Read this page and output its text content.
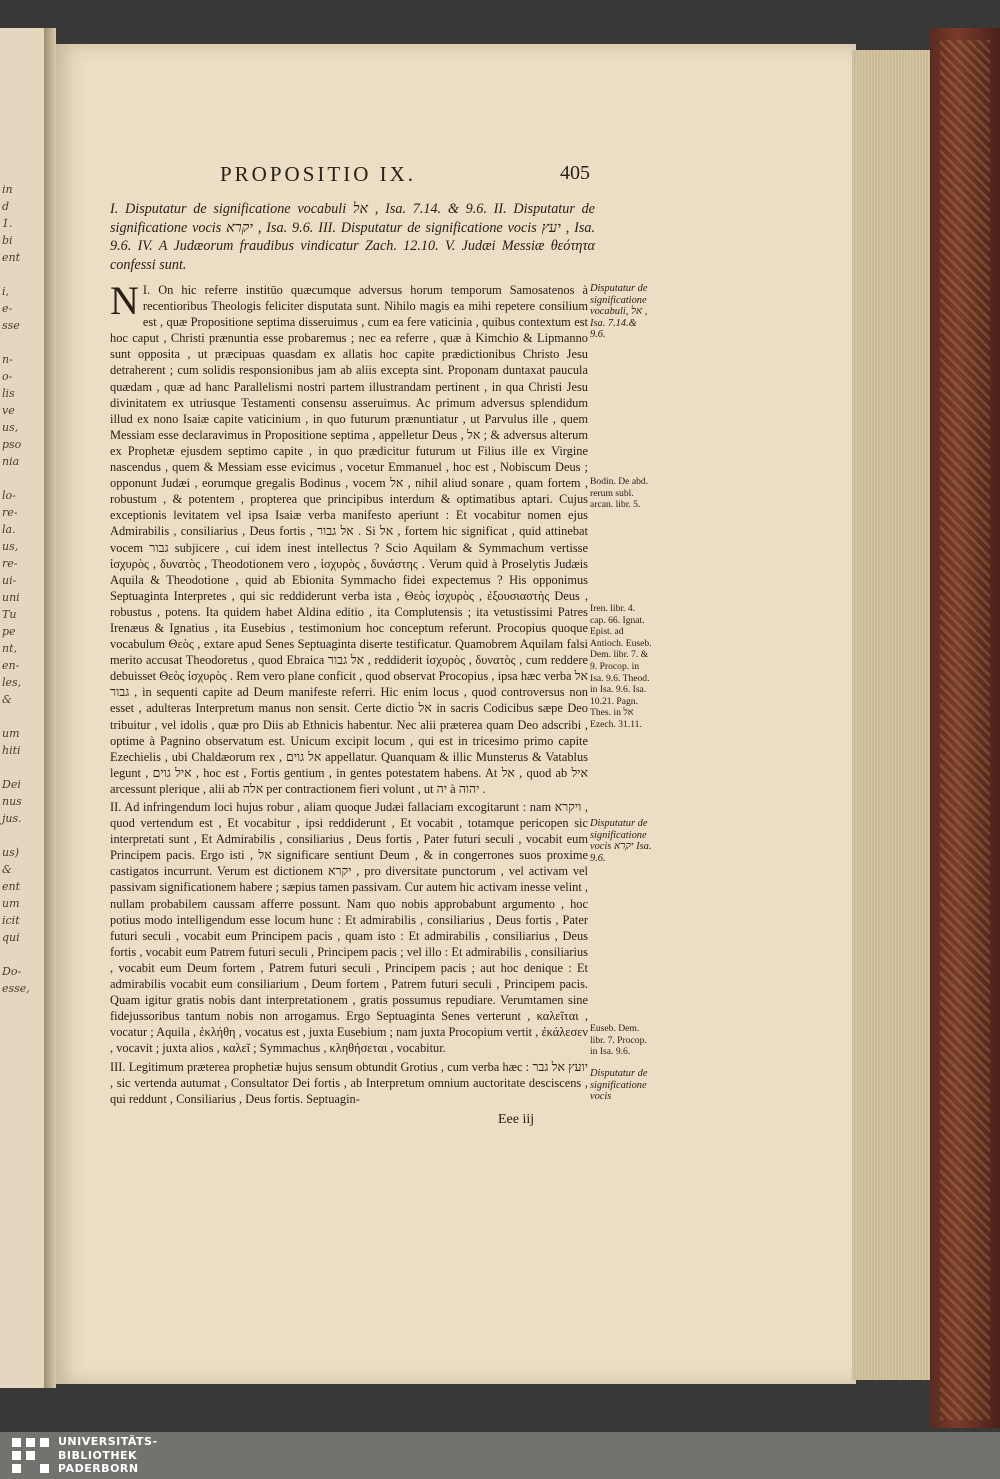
in
d
1.
bi
ent
i,
e-
sse
n-
o-
lis
ve
us,
pso
nia
lo-
re-
la.
us,
re-
ui-
uni
Tu
pe
nt,
en-
les,
&
um
hiti
Dei
nus
jus.
us)
&
ent
um
icit
qui
Do-
esse,
PROPOSITIO IX.	405
I. Disputatur de significatione vocabuli אל , Isa. 7.14. & 9.6. II. Disputatur de significatione vocis יקרא , Isa. 9.6. III. Disputatur de significatione vocis יעץ , Isa. 9.6. IV. A Judæorum fraudibus vindicatur Zach. 12.10. V. Judæi Messiæ θεότητα confessi sunt.

I.
N On hic referre institūo quæcumque adversus horum temporum Samosatenos à recentioribus Theologis feliciter disputata sunt. Nihilo magis ea mihi repetere consilium est , quæ Propositione septima disseruimus , cum ea fere vaticinia , quibus contextum est hoc caput , Christi prænuntia esse probaremus ; nec ea referre , quæ à Kimchio & Lipmanno sunt opposita , ut præcipuas quasdam ex allatis hoc capite prædictionibus Christo Jesu detraherent ; cum solidis responsionibus jam ab aliis excepta sint. Proponam duntaxat paucula quædam , quæ ad hanc Parallelismi nostri partem illustrandam pertinent , in qua Christi Jesu divinitatem ex utriusque Testamenti consensu asseruimus. Ac primum adversus splendidum illud ex nono Isaiæ capite vaticinium , in quo futurum prænuntiatur , ut Parvulus ille , quem Messiam esse declaravimus in Propositione septima , appelletur Deus , אל ; & adversus alterum ex Prophetæ ejusdem septimo capite , in quo prædicitur futurum ut Filius ille ex Virgine nascendus , quem & Messiam esse evicimus , vocetur Emmanuel , hoc est , Nobiscum Deus ; opponunt Judæi , eorumque gregalis Bodinus , vocem אל , nihil aliud sonare , quam fortem , robustum , & potentem , propterea que principibus interdum & optimatibus aptari. Cujus exceptionis levitatem vel ipsa Isaiæ verba manifesto aperiunt : Et vocabitur nomen ejus Admirabilis , consiliarius , Deus fortis , אל גבור . Si אל , fortem hic significat , quid attinebat vocem גבור subjicere , cui idem inest intellectus ? Scio Aquilam & Symmachum vertisse ἰσχυρὸς , δυνατὸς , Theodotionem vero , ἰσχυρὸς , δυνάστης . Verum quid à Proselytis Judæis Aquila & Theodotione , quid ab Ebionita Symmacho fidei expectemus ? His opponimus Septuaginta Interpretes , qui sic reddiderunt verba ista , Θεὸς ἰσχυρὸς , ἐξουσιαστὴς Deus , robustus , potens. Ita quidem habet Aldina editio , ita Complutensis ; ita vetustissimi Patres Irenæus & Ignatius , ita Eusebius , testimonium hoc conceptum referunt. Procopius quoque vocabulum Θεὸς , extare apud Senes Septuaginta diserte testificatur. Quamobrem Aquilam falsi merito accusat Theodoretus , quod Ebraica אל גבור , reddiderit ἰσχυρὸς , δυνατὸς , cum reddere debuisset Θεὸς ἰσχυρὸς . Rem vero plane conficit , quod observat Procopius , ipsa hæc verba אל גבור , in sequenti capite ad Deum manifeste referri. Hic enim locus , quod controversus non esset , adulteras Interpretum manus non sensit. Certe dictio אל in sacris Codicibus sæpe Deo tribuitur , vel idolis , quæ pro Diis ab Ethnicis habentur. Nec alii præterea quam Deo adscribi , optime à Pagnino observatum est. Unicum excipit locum , qui est in tricesimo primo capite Ezechielis , ubi Chaldæorum rex , אל גוים appellatur. Quanquam & illic Munsterus & Vatablus legunt , איל גוים , hoc est , Fortis gentium , in gentes potestatem habens. At אל , quod ab איל arcessunt plerique , alii ab אלה per contractionem fieri volunt , ut יה à יהוה .

II. Ad infringendum loci hujus robur , aliam quoque Judæi fallaciam excogitarunt : nam ויקרא , quod vertendum est , Et vocabitur , ipsi reddiderunt , Et vocabit , totamque pericopen sic interpretati sunt , Et Admirabilis , consiliarius , Deus fortis , Pater futuri seculi , vocabit eum Principem pacis. Ergo isti , אל significare sentiunt Deum , & in congerrones suos proxime castigatos incurrunt. Verum est dictionem יקרא , pro diversitate punctorum , vel activam vel passivam significationem habere ; sæpius tamen passivam. Cur autem hic activam inesse velint , nullam probabilem caussam afferre possunt. Nam quo nobis approbabunt argumento , hoc potius modo intelligendum esse locum hunc : Et admirabilis , consiliarius , Deus fortis , Pater futuri seculi , vocabit eum Principem pacis , quam isto : Et admirabilis , consiliarius , Deus fortis , vocabit eum Patrem futuri seculi , Principem pacis ; vel illo : Et admirabilis , consiliarius , vocabit eum Deum fortem , Patrem futuri seculi , Principem pacis ; aut hoc denique : Et admirabilis vocabit eum consiliarium , Deum fortem , Patrem futuri seculi , Principem pacis. Quam igitur gratis nobis dant interpretationem , gratis possumus repudiare. Verumtamen sine fidejussoribus tantum nobis non arrogamus. Ergo Septuaginta Senes verterunt , καλεῖται , vocatur ; Aquila , ἐκλήθη , vocatus est , juxta Eusebium ; nam juxta Procopium vertit , ἐκάλεσεν , vocavit ; juxta alios , καλεῖ ; Symmachus , κληθήσεται , vocabitur.

III. Legitimum præterea prophetiæ hujus sensum obtundit Grotius , cum verba hæc : יועץ אל גבר , sic vertenda autumat , Consultator Dei fortis , ab Interpretum omnium auctoritate desciscens , qui reddunt , Consiliarius , Deus fortis. Septuagin-

Disputatur de significatione vocabuli, אל , Isa. 7.14.& 9.6.
Bodin. De abd. rerum subl. arcan. libr. 5.
Iren. libr. 4. cap. 66. Ignat. Epist. ad Antioch. Euseb. Dem. libr. 7. & 9. Procop. in Isa. 9.6. Theod. in Isa. 9.6. Isa. 10.21. Pagn. Thes. in אל Ezech. 31.11.
Disputatur de significatione vocis יקרא Isa. 9.6.
Euseb. Dem. libr. 7. Procop. in Isa. 9.6.
Disputatur de significatione vocis
Eee iij
UNIVERSITÄTS-
BIBLIOTHEK
PADERBORN
